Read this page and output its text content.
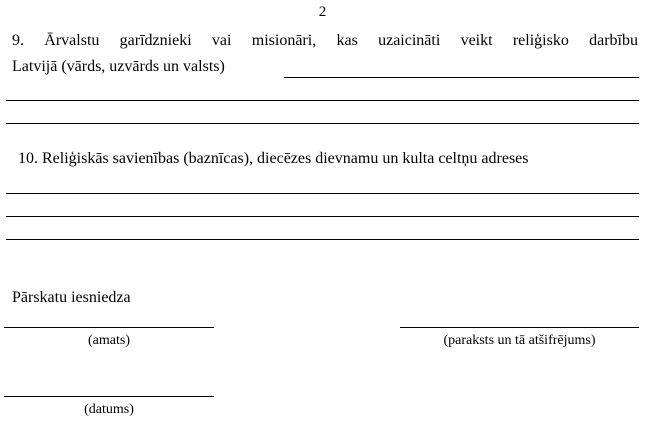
2
9. Ārvalstu garīdznieki vai misionāri, kas uzaicināti veikt reliģisko darbību
Latvijā (vārds, uzvārds un valsts)
10. Reliģiskās savienības (baznīcas), diecēzes dievnamu un kulta celtņu adreses
Pārskatu iesniedza
(amats)	(paraksts un tā atšifrējums)
(datums)
